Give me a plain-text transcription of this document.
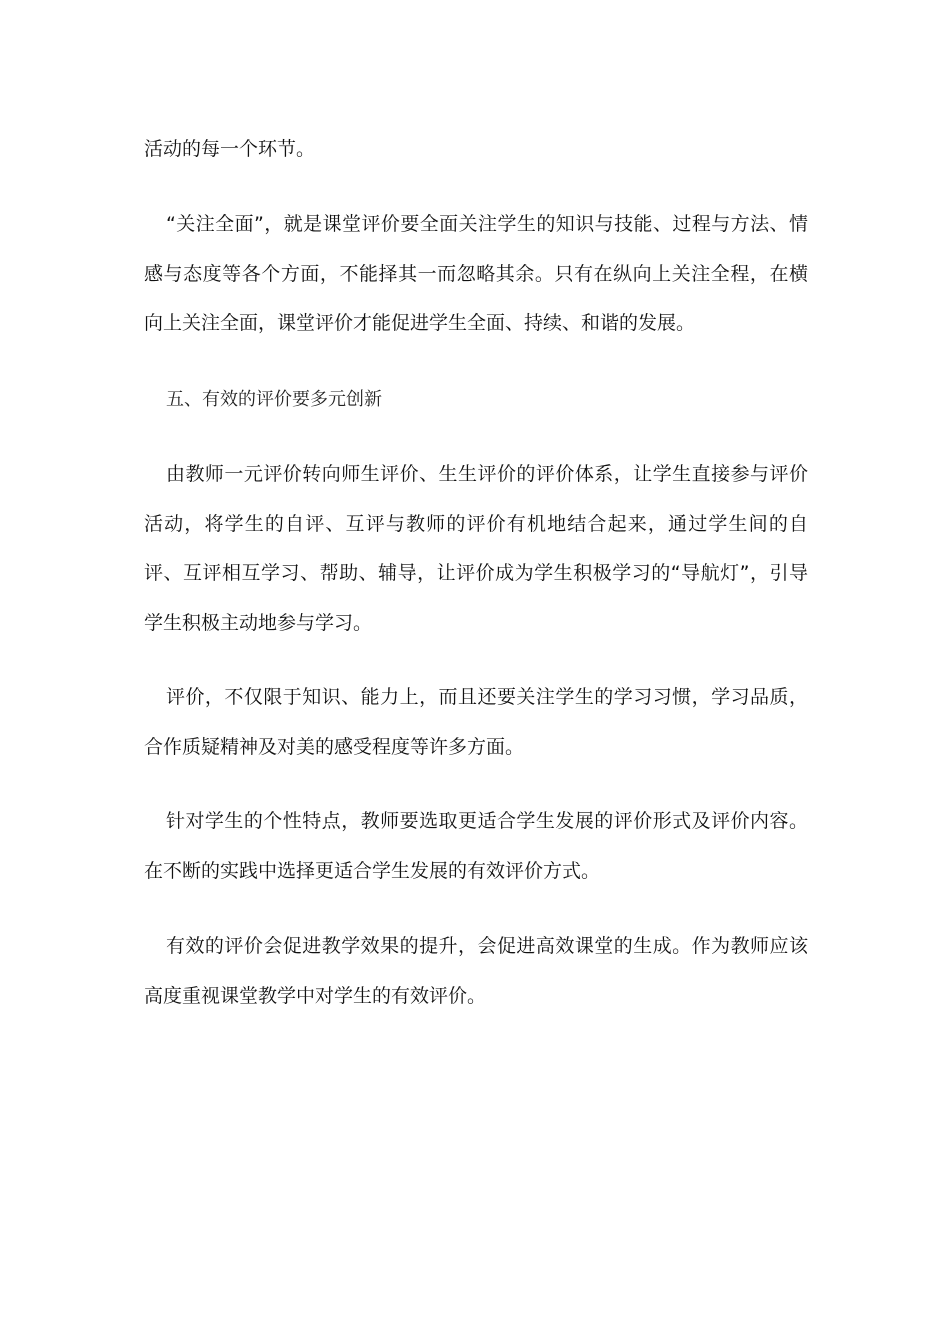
活动的每一个环节。

“关注全面”，就是课堂评价要全面关注学生的知识与技能、过程与方法、情感与态度等各个方面，不能择其一而忽略其余。只有在纵向上关注全程，在横向上关注全面，课堂评价才能促进学生全面、持续、和谐的发展。

五、有效的评价要多元创新

由教师一元评价转向师生评价、生生评价的评价体系，让学生直接参与评价活动，将学生的自评、互评与教师的评价有机地结合起来，通过学生间的自评、互评相互学习、帮助、辅导，让评价成为学生积极学习的“导航灯”，引导学生积极主动地参与学习。

评价，不仅限于知识、能力上，而且还要关注学生的学习习惯，学习品质，合作质疑精神及对美的感受程度等许多方面。

针对学生的个性特点，教师要选取更适合学生发展的评价形式及评价内容。在不断的实践中选择更适合学生发展的有效评价方式。

有效的评价会促进教学效果的提升，会促进高效课堂的生成。作为教师应该高度重视课堂教学中对学生的有效评价。
